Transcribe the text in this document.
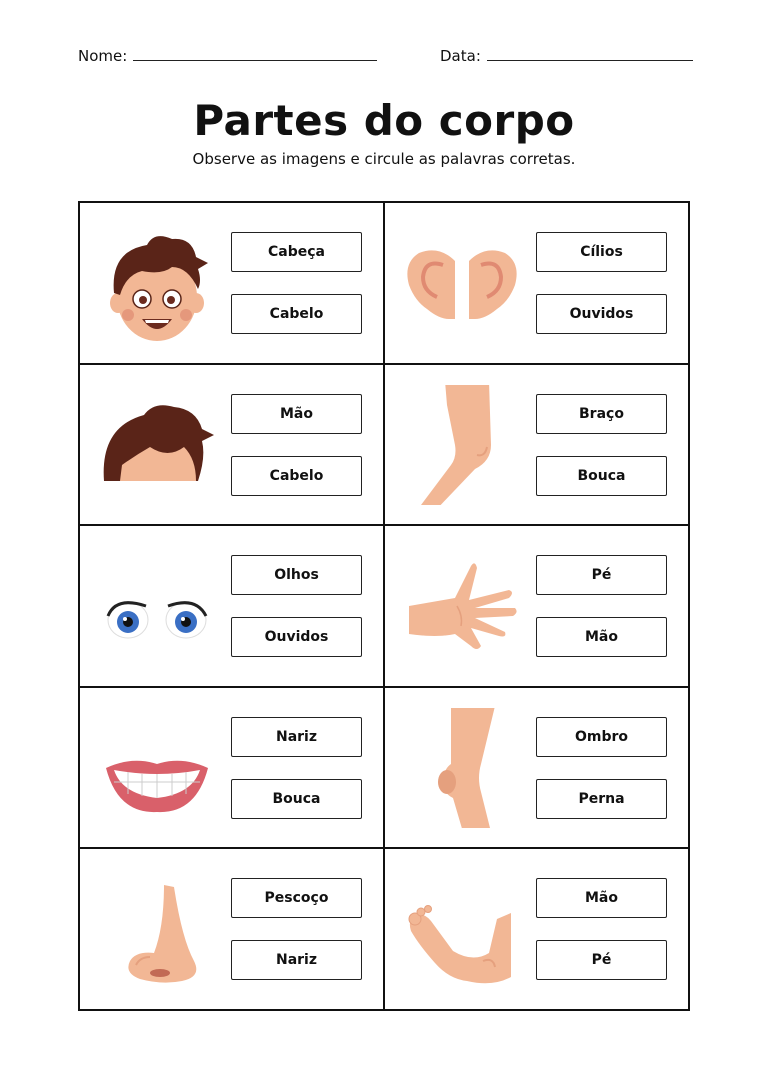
Nome:	Data:
Partes do corpo
Observe as imagens e circule as palavras corretas.
Cabeça
Cabelo
Cílios
Ouvidos
Mão
Cabelo
Braço
Bouca
Olhos
Ouvidos
Pé
Mão
Nariz
Bouca
Ombro
Perna
Pescoço
Nariz
Mão
Pé
